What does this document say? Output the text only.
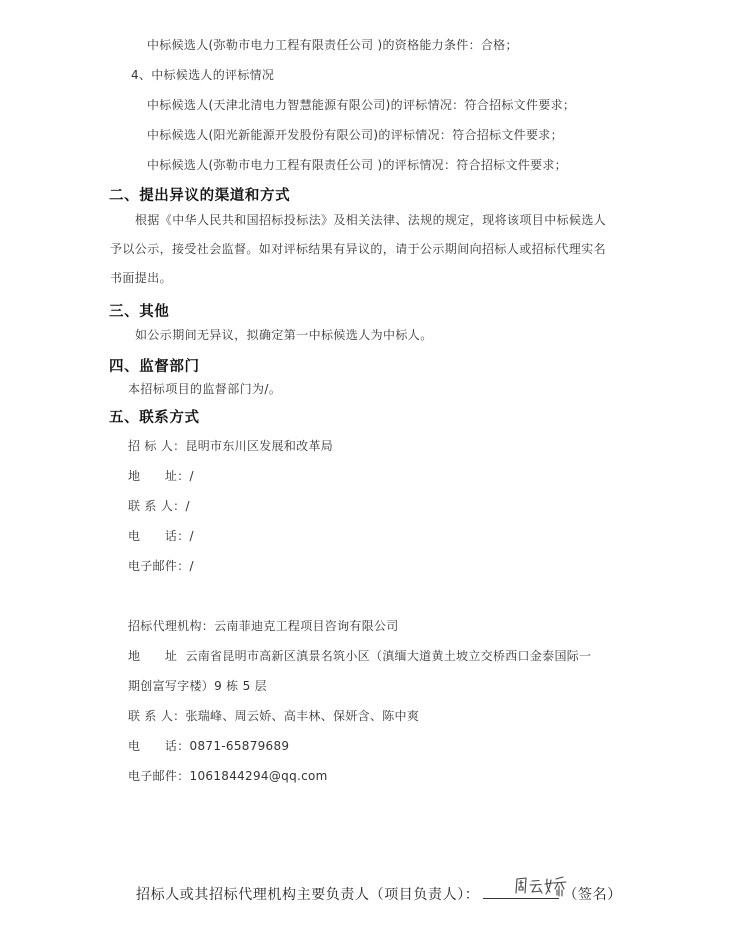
中标候选人(弥勒市电力工程有限责任公司 )的资格能力条件：合格；
4、中标候选人的评标情况
中标候选人(天津北清电力智慧能源有限公司)的评标情况：符合招标文件要求；
中标候选人(阳光新能源开发股份有限公司)的评标情况：符合招标文件要求；
中标候选人(弥勒市电力工程有限责任公司 )的评标情况：符合招标文件要求；
二、提出异议的渠道和方式
根据《中华人民共和国招标投标法》及相关法律、法规的规定，现将该项目中标候选人
予以公示，接受社会监督。如对评标结果有异议的，请于公示期间向招标人或招标代理实名
书面提出。
三、其他
如公示期间无异议，拟确定第一中标候选人为中标人。
四、监督部门
本招标项目的监督部门为/。
五、联系方式
招 标 人：昆明市东川区发展和改革局
地　　址：/
联 系 人：/
电　　话：/
电子邮件：/
招标代理机构：云南菲迪克工程项目咨询有限公司
地　　址 云南省昆明市高新区滇景名筑小区（滇缅大道黄土坡立交桥西口金泰国际一
期创富写字楼）9 栋 5 层
联 系 人：张瑞峰、周云娇、高丰林、保妍含、陈中爽
电　　话：0871-65879689
电子邮件：1061844294@qq.com
招标人或其招标代理机构主要负责人（项目负责人）：	（签名）
